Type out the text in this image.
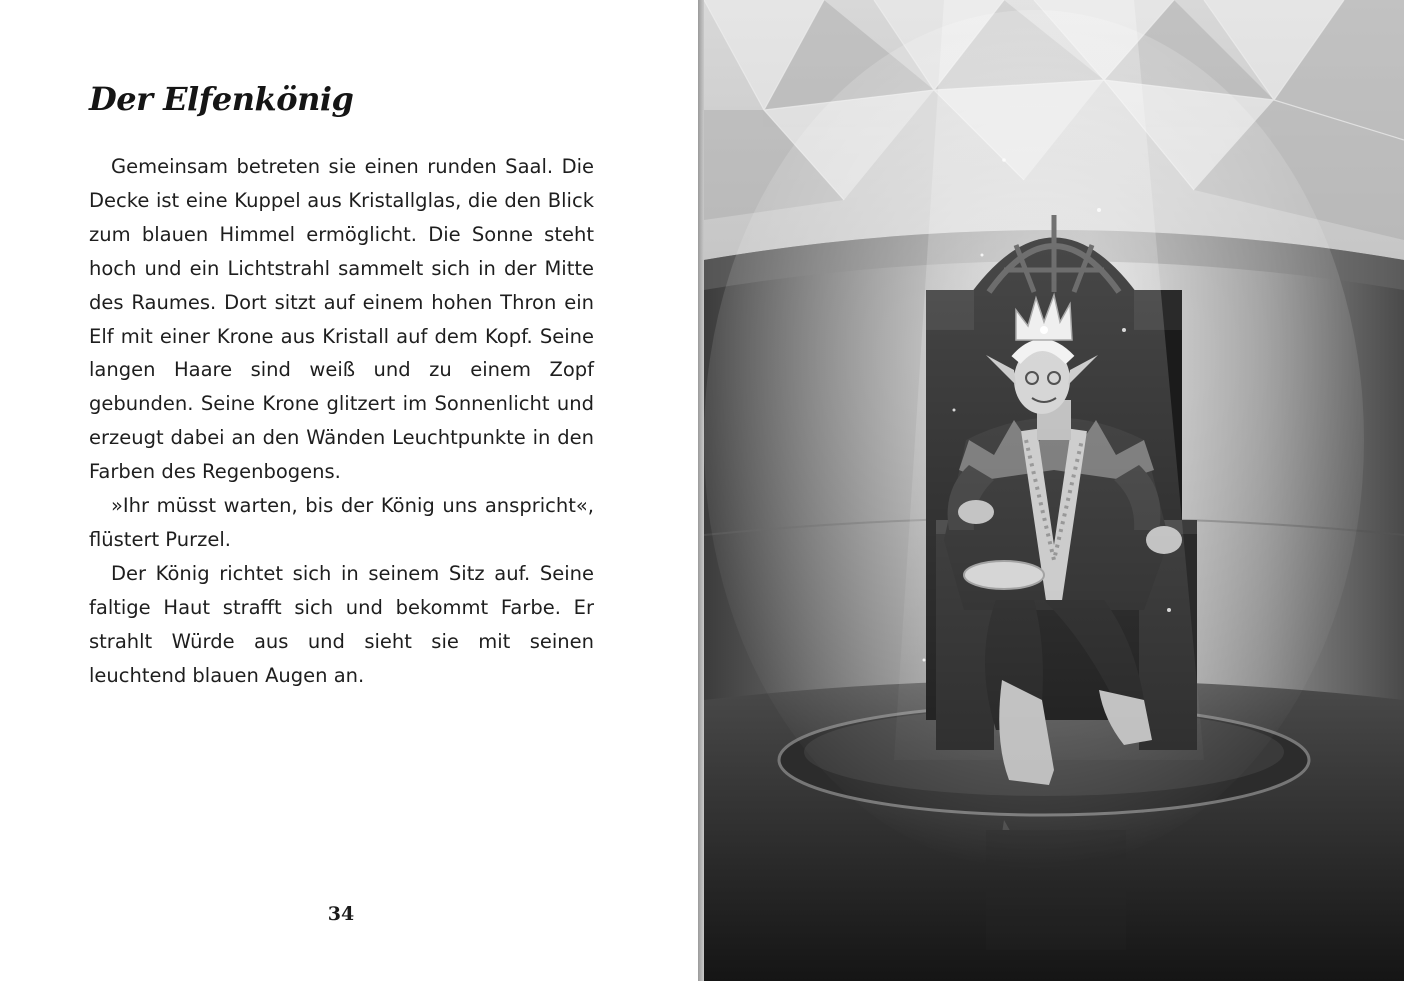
Der Elfenkönig

Gemeinsam betreten sie einen runden Saal. Die Decke ist eine Kuppel aus Kristallglas, die den Blick zum blauen Himmel ermöglicht. Die Sonne steht hoch und ein Lichtstrahl sammelt sich in der Mitte des Raumes. Dort sitzt auf einem hohen Thron ein Elf mit einer Krone aus Kristall auf dem Kopf. Seine langen Haare sind weiß und zu einem Zopf gebunden. Seine Krone glitzert im Sonnenlicht und erzeugt dabei an den Wänden Leuchtpunkte in den Farben des Regenbogens.

»Ihr müsst warten, bis der König uns anspricht«, flüstert Purzel.

Der König richtet sich in seinem Sitz auf. Seine faltige Haut strafft sich und bekommt Farbe. Er strahlt Würde aus und sieht sie mit seinen leuchtend blauen Augen an.

34
